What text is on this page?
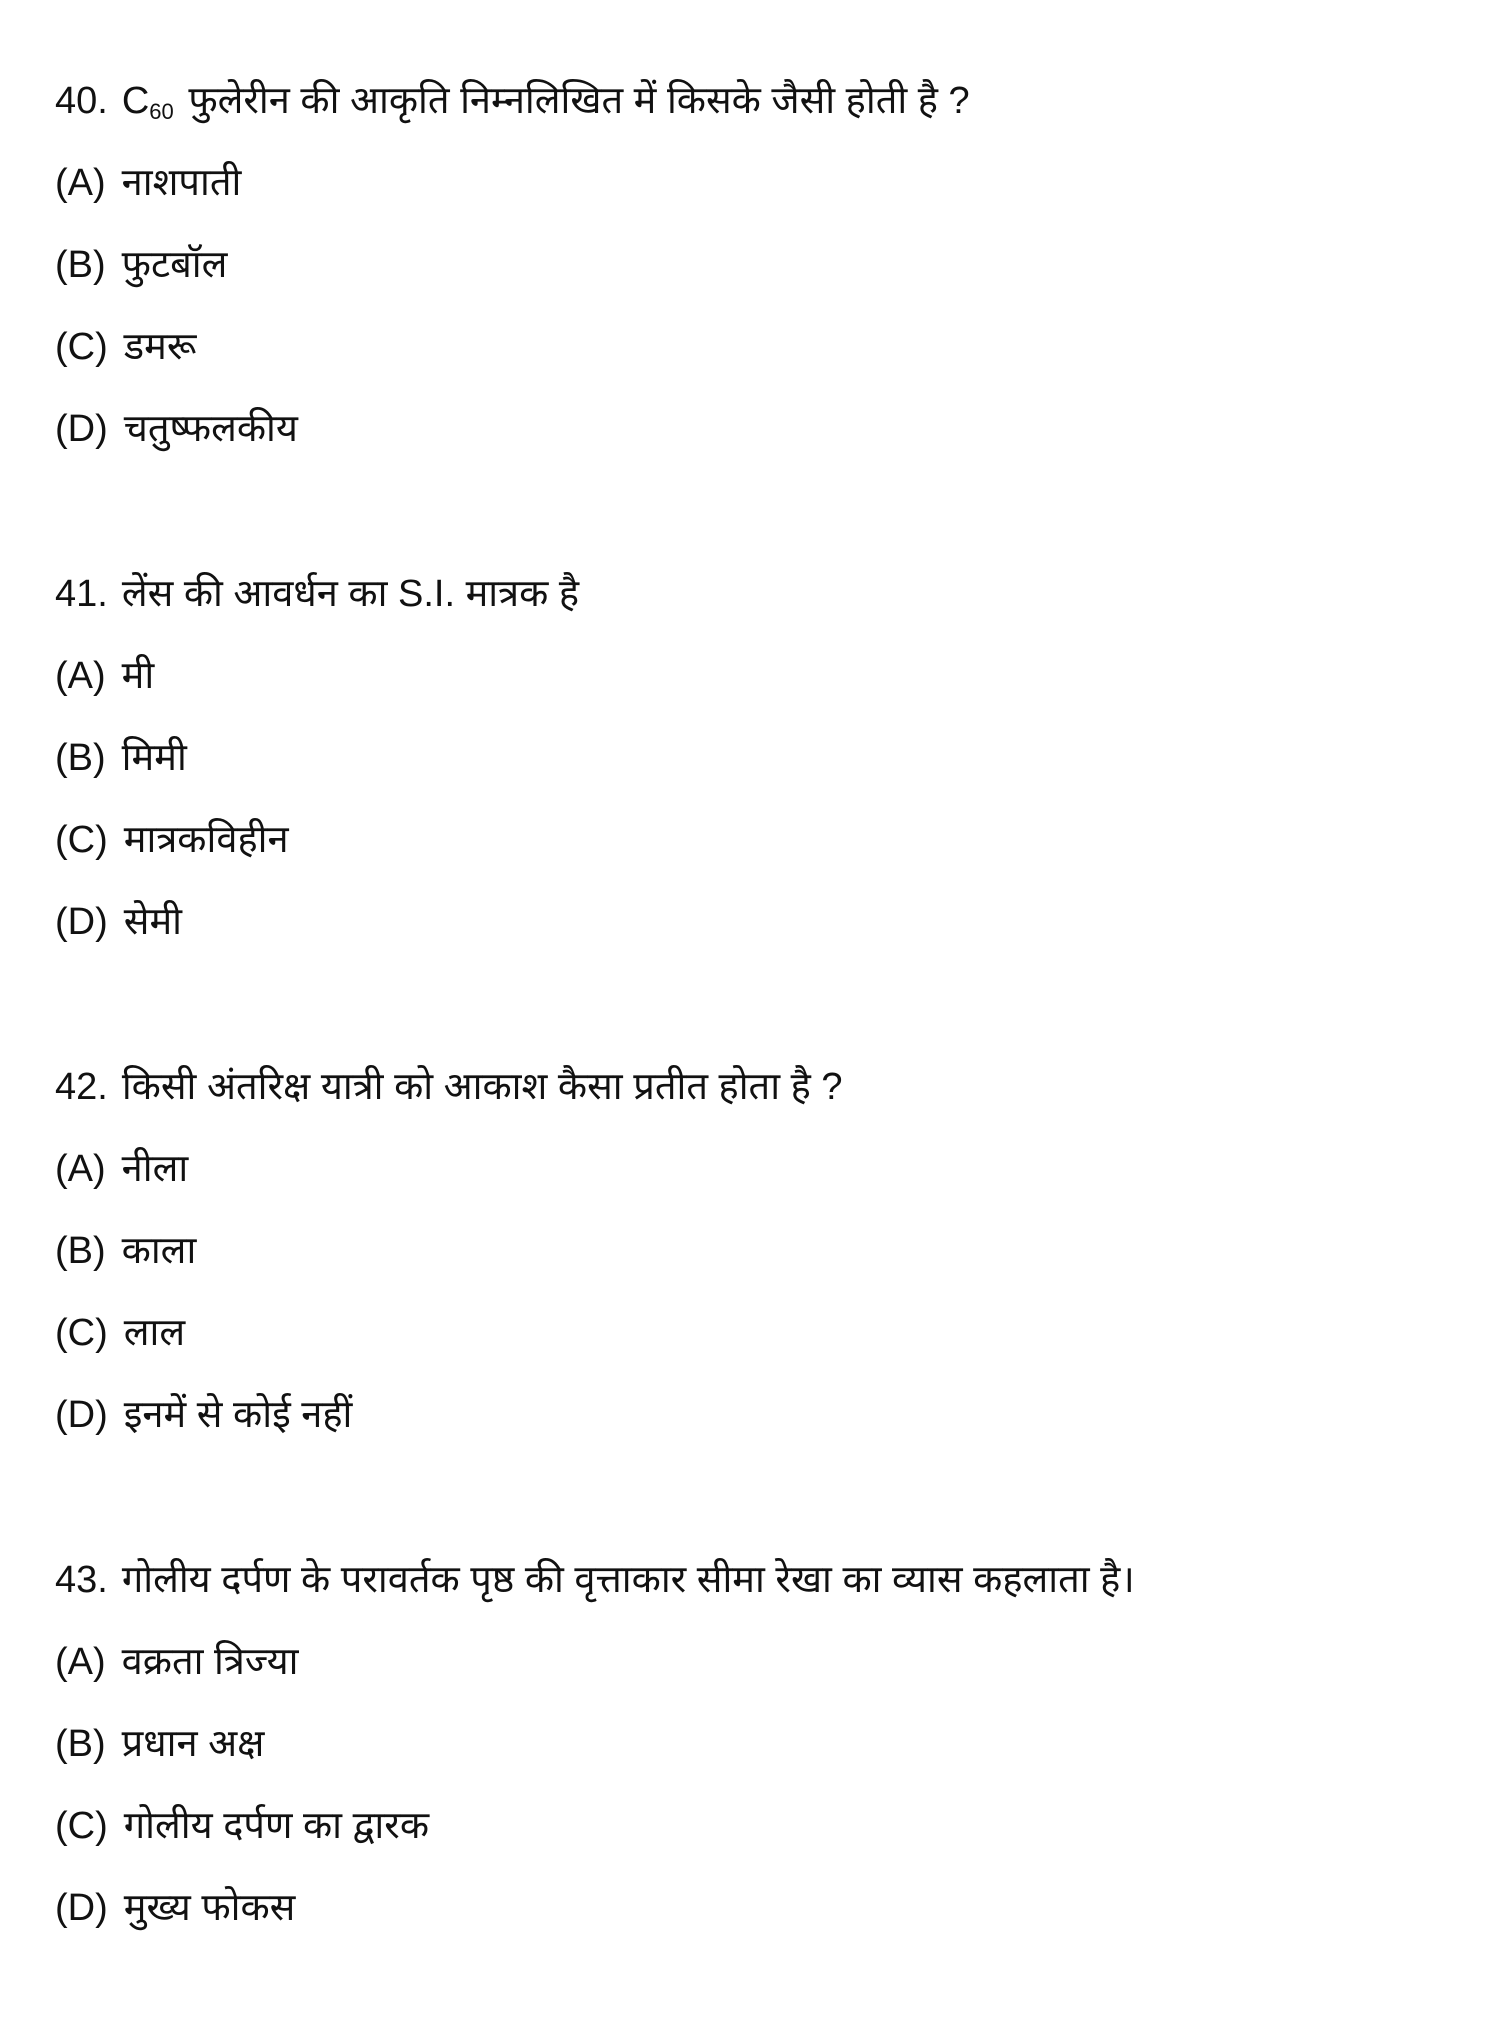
40. $C_{60}$ फुलेरीन की आकृति निम्नलिखित में किसके जैसी होती है ?
(A) नाशपाती
(B) फुटबॉल
(C) डमरू
(D) चतुष्फलकीय
41. लेंस की आवर्धन का S.I. मात्रक है
(A) मी
(B) मिमी
(C) मात्रकविहीन
(D) सेमी
42. किसी अंतरिक्ष यात्री को आकाश कैसा प्रतीत होता है ?
(A) नीला
(B) काला
(C) लाल
(D) इनमें से कोई नहीं
43. गोलीय दर्पण के परावर्तक पृष्ठ की वृत्ताकार सीमा रेखा का व्यास कहलाता है।
(A) वक्रता त्रिज्या
(B) प्रधान अक्ष
(C) गोलीय दर्पण का द्वारक
(D) मुख्य फोकस
